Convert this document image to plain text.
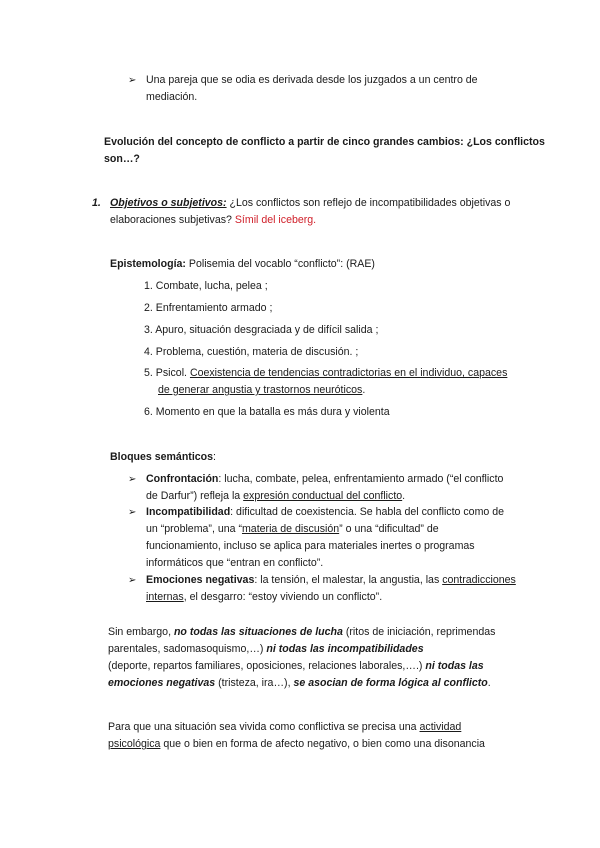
➢ Una pareja que se odia es derivada desde los juzgados a un centro de
mediación.
Evolución del concepto de conflicto a partir de cinco grandes cambios: ¿Los conflictos
son…?
1. Objetivos o subjetivos: ¿Los conflictos son reflejo de incompatibilidades objetivas o
elaboraciones subjetivas? Símil del iceberg.
Epistemología: Polisemia del vocablo “conflicto”: (RAE)
1. Combate, lucha, pelea ;
2. Enfrentamiento armado ;
3. Apuro, situación desgraciada y de difícil salida ;
4. Problema, cuestión, materia de discusión. ;
5. Psicol. Coexistencia de tendencias contradictorias en el individuo, capaces
de generar angustia y trastornos neuróticos.
6. Momento en que la batalla es más dura y violenta
Bloques semánticos:
➢ Confrontación: lucha, combate, pelea, enfrentamiento armado (“el conflicto
de Darfur”) refleja la expresión conductual del conflicto.
➢ Incompatibilidad: dificultad de coexistencia. Se habla del conflicto como de
un “problema”, una “materia de discusión” o una “dificultad” de
funcionamiento, incluso se aplica para materiales inertes o programas
informáticos que “entran en conflicto”.
➢ Emociones negativas: la tensión, el malestar, la angustia, las contradicciones
internas, el desgarro: “estoy viviendo un conflicto”.
Sin embargo, no todas las situaciones de lucha (ritos de iniciación, reprimendas
parentales, sadomasoquismo,…) ni todas las incompatibilidades
(deporte, repartos familiares, oposiciones, relaciones laborales,….) ni todas las
emociones negativas (tristeza, ira…), se asocian de forma lógica al conflicto.
Para que una situación sea vivida como conflictiva se precisa una actividad
psicológica que o bien en forma de afecto negativo, o bien como una disonancia
